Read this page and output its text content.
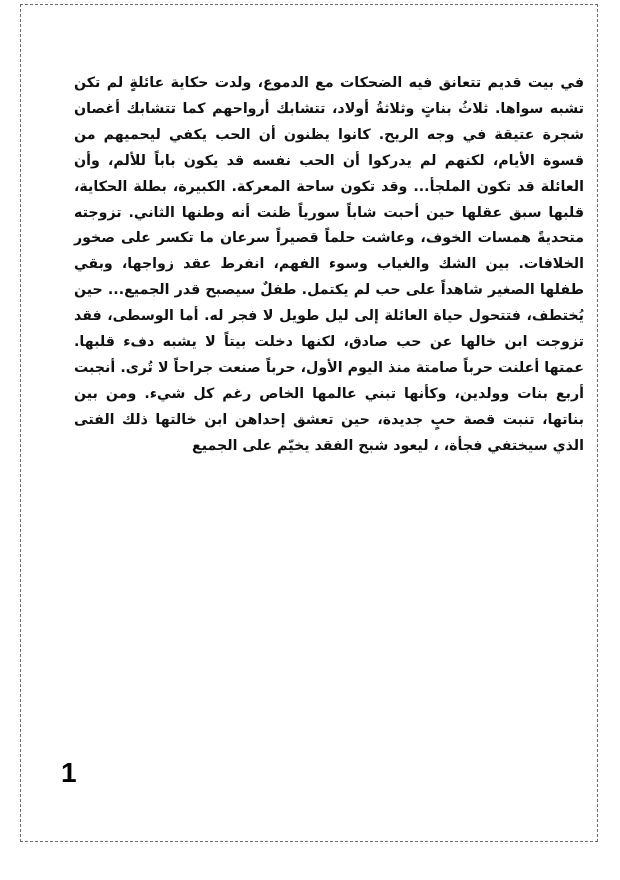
في بيت قديم تتعانق فيه الضحكات مع الدموع، ولدت حكاية عائلةٍ لم تكن تشبه سواها. ثلاثُ بناتٍ وثلاثةُ أولاد، تتشابك أرواحهم كما تتشابك أغصان شجرة عتيقة في وجه الريح. كانوا يظنون أن الحب يكفي ليحميهم من قسوة الأيام، لكنهم لم يدركوا أن الحب نفسه قد يكون باباً للألم، وأن العائلة قد تكون الملجأ... وقد تكون ساحة المعركة. الكبيرة، بطلة الحكاية، قلبها سبق عقلها حين أحبت شاباً سورياً ظنت أنه وطنها الثاني. تزوجته متحديةً همسات الخوف، وعاشت حلماً قصيراً سرعان ما تكسر على صخور الخلافات. بين الشك والغياب وسوء الفهم، انفرط عقد زواجها، وبقي طفلها الصغير شاهداً على حب لم يكتمل. طفلٌ سيصبح قدر الجميع... حين يُختطف، فتتحول حياة العائلة إلى ليل طويل لا فجر له. أما الوسطى، فقد تزوجت ابن خالها عن حب صادق، لكنها دخلت بيتاً لا يشبه دفء قلبها. عمتها أعلنت حرباً صامتة منذ اليوم الأول، حرباً صنعت جراحاً لا تُرى. أنجبت أربع بنات وولدين، وكأنها تبني عالمها الخاص رغم كل شيء. ومن بين بناتها، تنبت قصة حبٍ جديدة، حين تعشق إحداهن ابن خالتها ذلك الفتى الذي سيختفي فجأة، ، ليعود شبح الفقد يخيّم على الجميع

1
